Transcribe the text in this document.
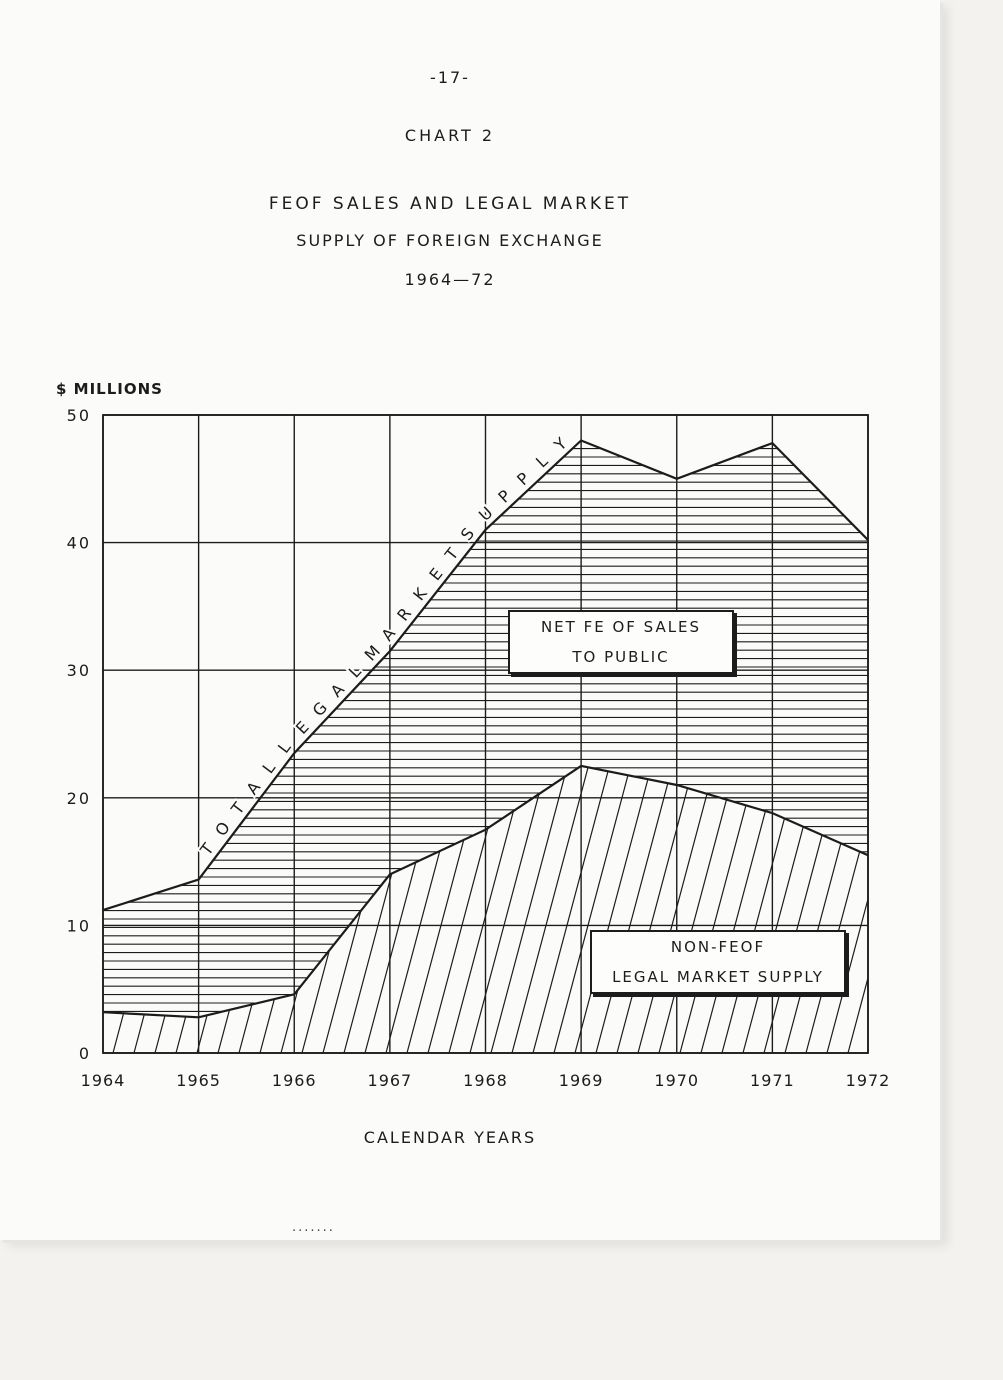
-17-
CHART 2
FEOF SALES AND LEGAL MARKET
SUPPLY OF FOREIGN EXCHANGE
1964—72
$ MILLIONS
0
10
20
30
40
50
1964	1965	1966	1967	1968	1969	1970	1971	1972
T
O
T
A
L
L
E
G
A
L
M
A
R
K
E
T
S
U
P
P
L
Y
NET FE OF SALES
TO PUBLIC
NON-FEOF
LEGAL MARKET SUPPLY
CALENDAR YEARS
.......
